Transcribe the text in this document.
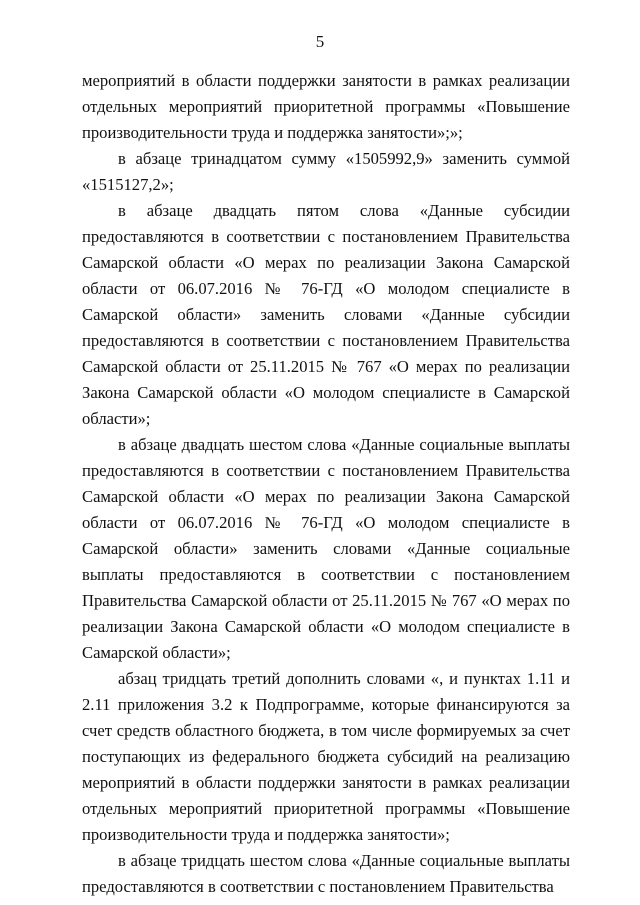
5

мероприятий в области поддержки занятости в рамках реализации отдельных мероприятий приоритетной программы «Повышение производительности труда и поддержка занятости»;»;

в абзаце тринадцатом сумму «1505992,9» заменить суммой «1515127,2»;

в абзаце двадцать пятом слова «Данные субсидии предоставляются в соответствии с постановлением Правительства Самарской области «О мерах по реализации Закона Самарской области от 06.07.2016 № 76-ГД «О молодом специалисте в Самарской области» заменить словами «Данные субсидии предоставляются в соответствии с постановлением Правительства Самарской области от 25.11.2015 № 767 «О мерах по реализации Закона Самарской области «О молодом специалисте в Самарской области»;

в абзаце двадцать шестом слова «Данные социальные выплаты предоставляются в соответствии с постановлением Правительства Самарской области «О мерах по реализации Закона Самарской области от 06.07.2016 № 76-ГД «О молодом специалисте в Самарской области» заменить словами «Данные социальные выплаты предоставляются в соответствии с постановлением Правительства Самарской области от 25.11.2015 № 767 «О мерах по реализации Закона Самарской области «О молодом специалисте в Самарской области»;

абзац тридцать третий дополнить словами «, и пунктах 1.11 и 2.11 приложения 3.2 к Подпрограмме, которые финансируются за счет средств областного бюджета, в том числе формируемых за счет поступающих из федерального бюджета субсидий на реализацию мероприятий в области поддержки занятости в рамках реализации отдельных мероприятий приоритетной программы «Повышение производительности труда и поддержка занятости»;

в абзаце тридцать шестом слова «Данные социальные выплаты предоставляются в соответствии с постановлением Правительства
